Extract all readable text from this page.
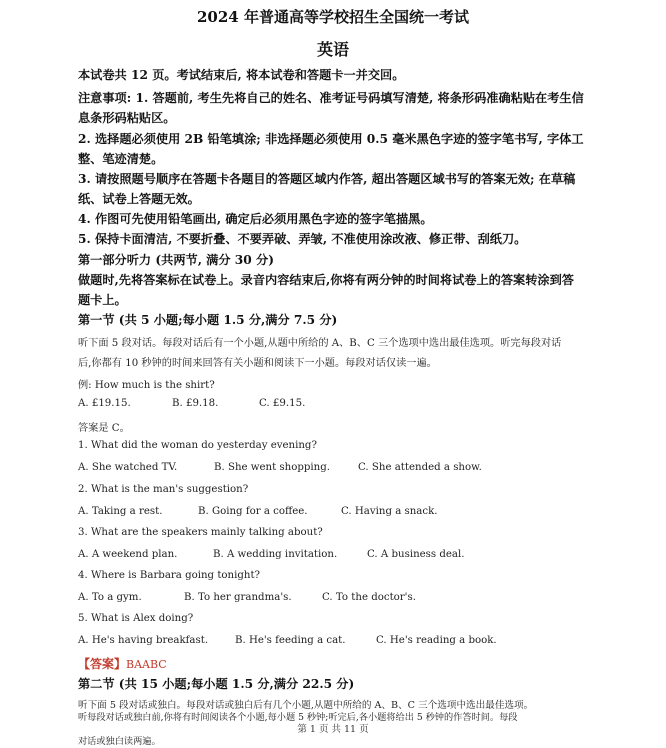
2024 年普通高等学校招生全国统一考试
英语
本试卷共 12 页。考试结束后, 将本试卷和答题卡一并交回。
注意事项: 1. 答题前, 考生先将自己的姓名、准考证号码填写清楚, 将条形码准确粘贴在考生信
息条形码粘贴区。
2. 选择题必须使用 2B 铅笔填涂; 非选择题必须使用 0.5 毫米黑色字迹的签字笔书写, 字体工
整、笔迹清楚。
3. 请按照题号顺序在答题卡各题目的答题区域内作答, 超出答题区域书写的答案无效; 在草稿
纸、试卷上答题无效。
4. 作图可先使用铅笔画出, 确定后必须用黑色字迹的签字笔描黑。
5. 保持卡面清洁, 不要折叠、不要弄破、弄皱, 不准使用涂改液、修正带、刮纸刀。
第一部分听力 (共两节, 满分 30 分)
做题时,先将答案标在试卷上。录音内容结束后,你将有两分钟的时间将试卷上的答案转涂到答
题卡上。
第一节 (共 5 小题;每小题 1.5 分,满分 7.5 分)
听下面 5 段对话。每段对话后有一个小题,从题中所给的 A、B、C 三个选项中选出最佳选项。听完每段对话
后,你都有 10 秒钟的时间来回答有关小题和阅读下一小题。每段对话仅读一遍。
例: How much is the shirt?
A. £19.15.	B. £9.18.	C. £9.15.
答案是 C。
1. What did the woman do yesterday evening?
A. She watched TV.	B. She went shopping.	C. She attended a show.
2. What is the man's suggestion?
A. Taking a rest.	B. Going for a coffee.	C. Having a snack.
3. What are the speakers mainly talking about?
A. A weekend plan.	B. A wedding invitation.	C. A business deal.
4. Where is Barbara going tonight?
A. To a gym.	B. To her grandma's.	C. To the doctor's.
5. What is Alex doing?
A. He's having breakfast.	B. He's feeding a cat.	C. He's reading a book.
【答案】BAABC
第二节 (共 15 小题;每小题 1.5 分,满分 22.5 分)
听下面 5 段对话或独白。每段对话或独白后有几个小题,从题中所给的 A、B、C 三个选项中选出最佳选项。
第 1 页 共 11 页
听每段对话或独白前,你将有时间阅读各个小题,每小题 5 秒钟;听完后,各小题将给出 5 秒钟的作答时间。每段
对话或独白读两遍。
